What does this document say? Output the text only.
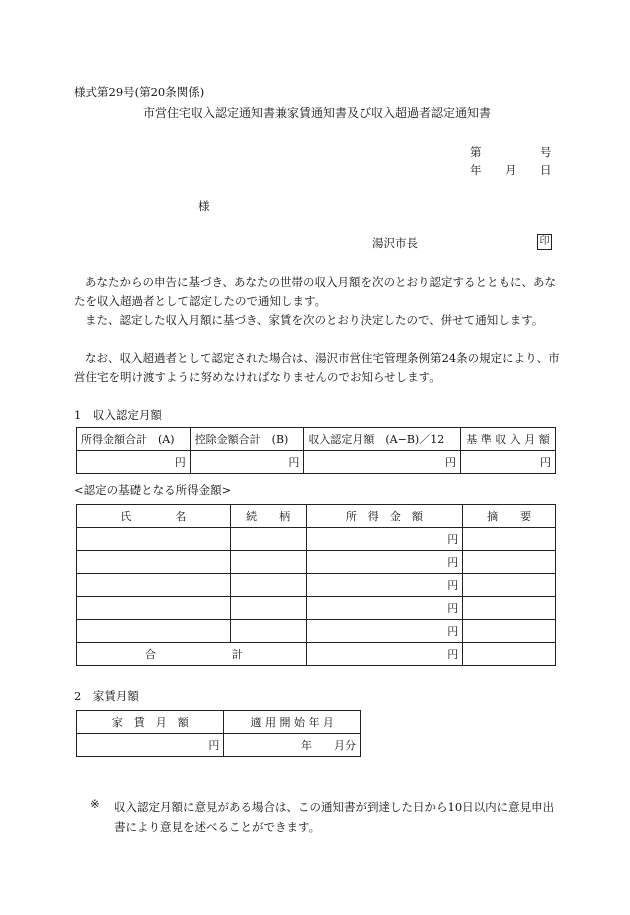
様式第29号(第20条関係)
市営住宅収入認定通知書兼家賃通知書及び収入超過者認定通知書
第	号
年 月 日
様
湯沢市長	印
あなたからの申告に基づき、あなたの世帯の収入月額を次のとおり認定するとともに、あなたを収入超過者として認定したので通知します。
また、認定した収入月額に基づき、家賃を次のとおり決定したので、併せて通知します。
なお、収入超過者として認定された場合は、湯沢市営住宅管理条例第24条の規定により、市営住宅を明け渡すように努めなければなりませんのでお知らせします。
1　収入認定月額
所得金額合計　(A)	控除金額合計　(B)	収入認定月額　(A−B)／12	基 準 収 入 月 額
円	円	円	円
<認定の基礎となる所得金額>
氏　　　　名	続　　柄	所　得　金　額	摘　　要
		円	
		円	
		円	
		円	
		円	
合 計		円	
2　家賃月額
家　賃　月　額	適 用 開 始 年 月
円	年 月分
※ 収入認定月額に意見がある場合は、この通知書が到達した日から10日以内に意見申出書により意見を述べることができます。
